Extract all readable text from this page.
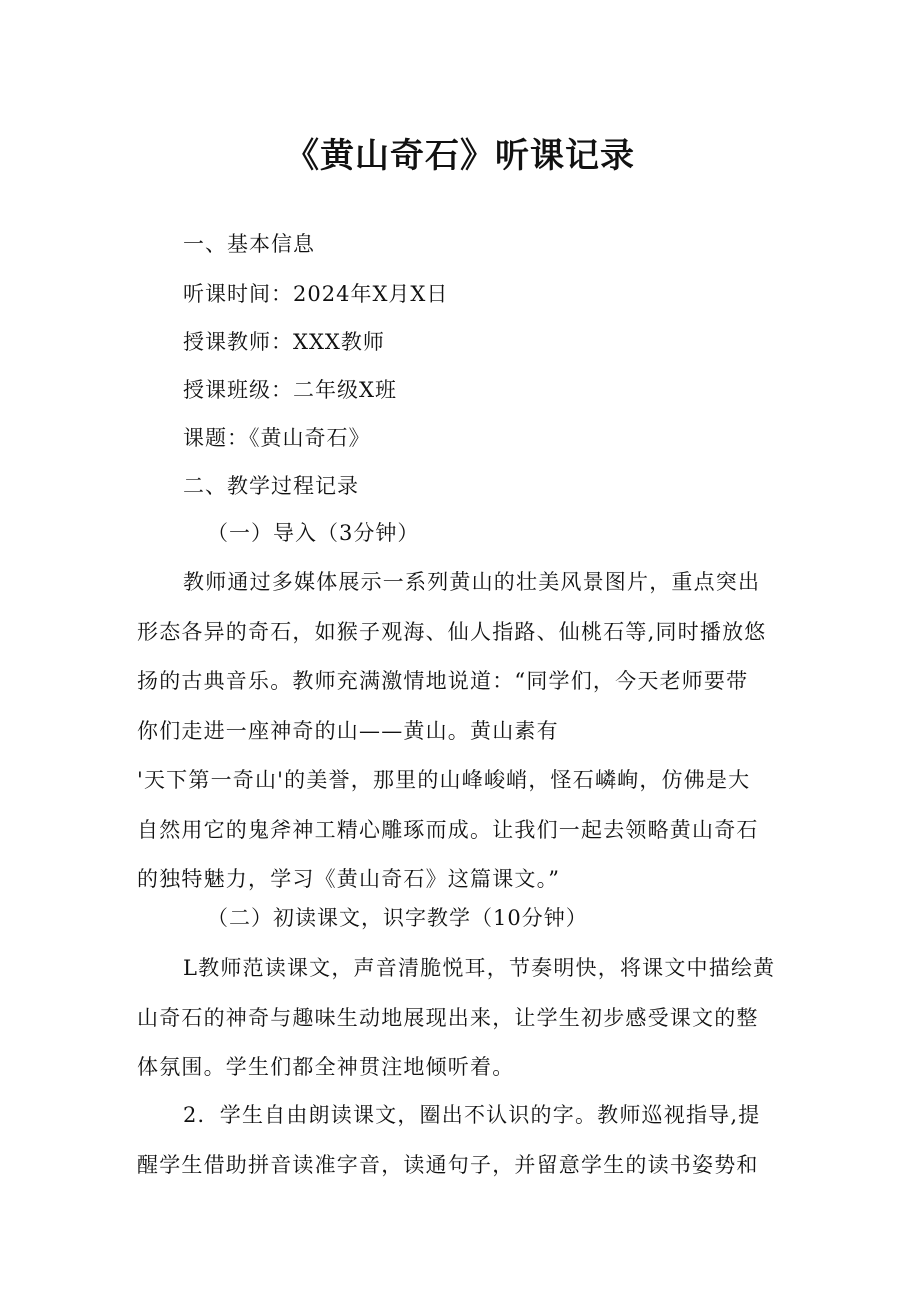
《黄山奇石》听课记录
一、基本信息
听课时间：2024年X月X日
授课教师：XXX教师
授课班级：二年级X班
课题：《黄山奇石》
二、教学过程记录
（一）导入（3分钟）
教师通过多媒体展示一系列黄山的壮美风景图片，重点突出
形态各异的奇石，如猴子观海、仙人指路、仙桃石等,同时播放悠
扬的古典音乐。教师充满激情地说道：“同学们，今天老师要带
你们走进一座神奇的山——黄山。黄山素有
'天下第一奇山'的美誉，那里的山峰峻峭，怪石嶙峋，仿佛是大
自然用它的鬼斧神工精心雕琢而成。让我们一起去领略黄山奇石
的独特魅力，学习《黄山奇石》这篇课文。”
（二）初读课文，识字教学（10分钟）
L教师范读课文，声音清脆悦耳，节奏明快，将课文中描绘黄
山奇石的神奇与趣味生动地展现出来，让学生初步感受课文的整
体氛围。学生们都全神贯注地倾听着。
2．学生自由朗读课文，圈出不认识的字。教师巡视指导,提
醒学生借助拼音读准字音，读通句子，并留意学生的读书姿势和
